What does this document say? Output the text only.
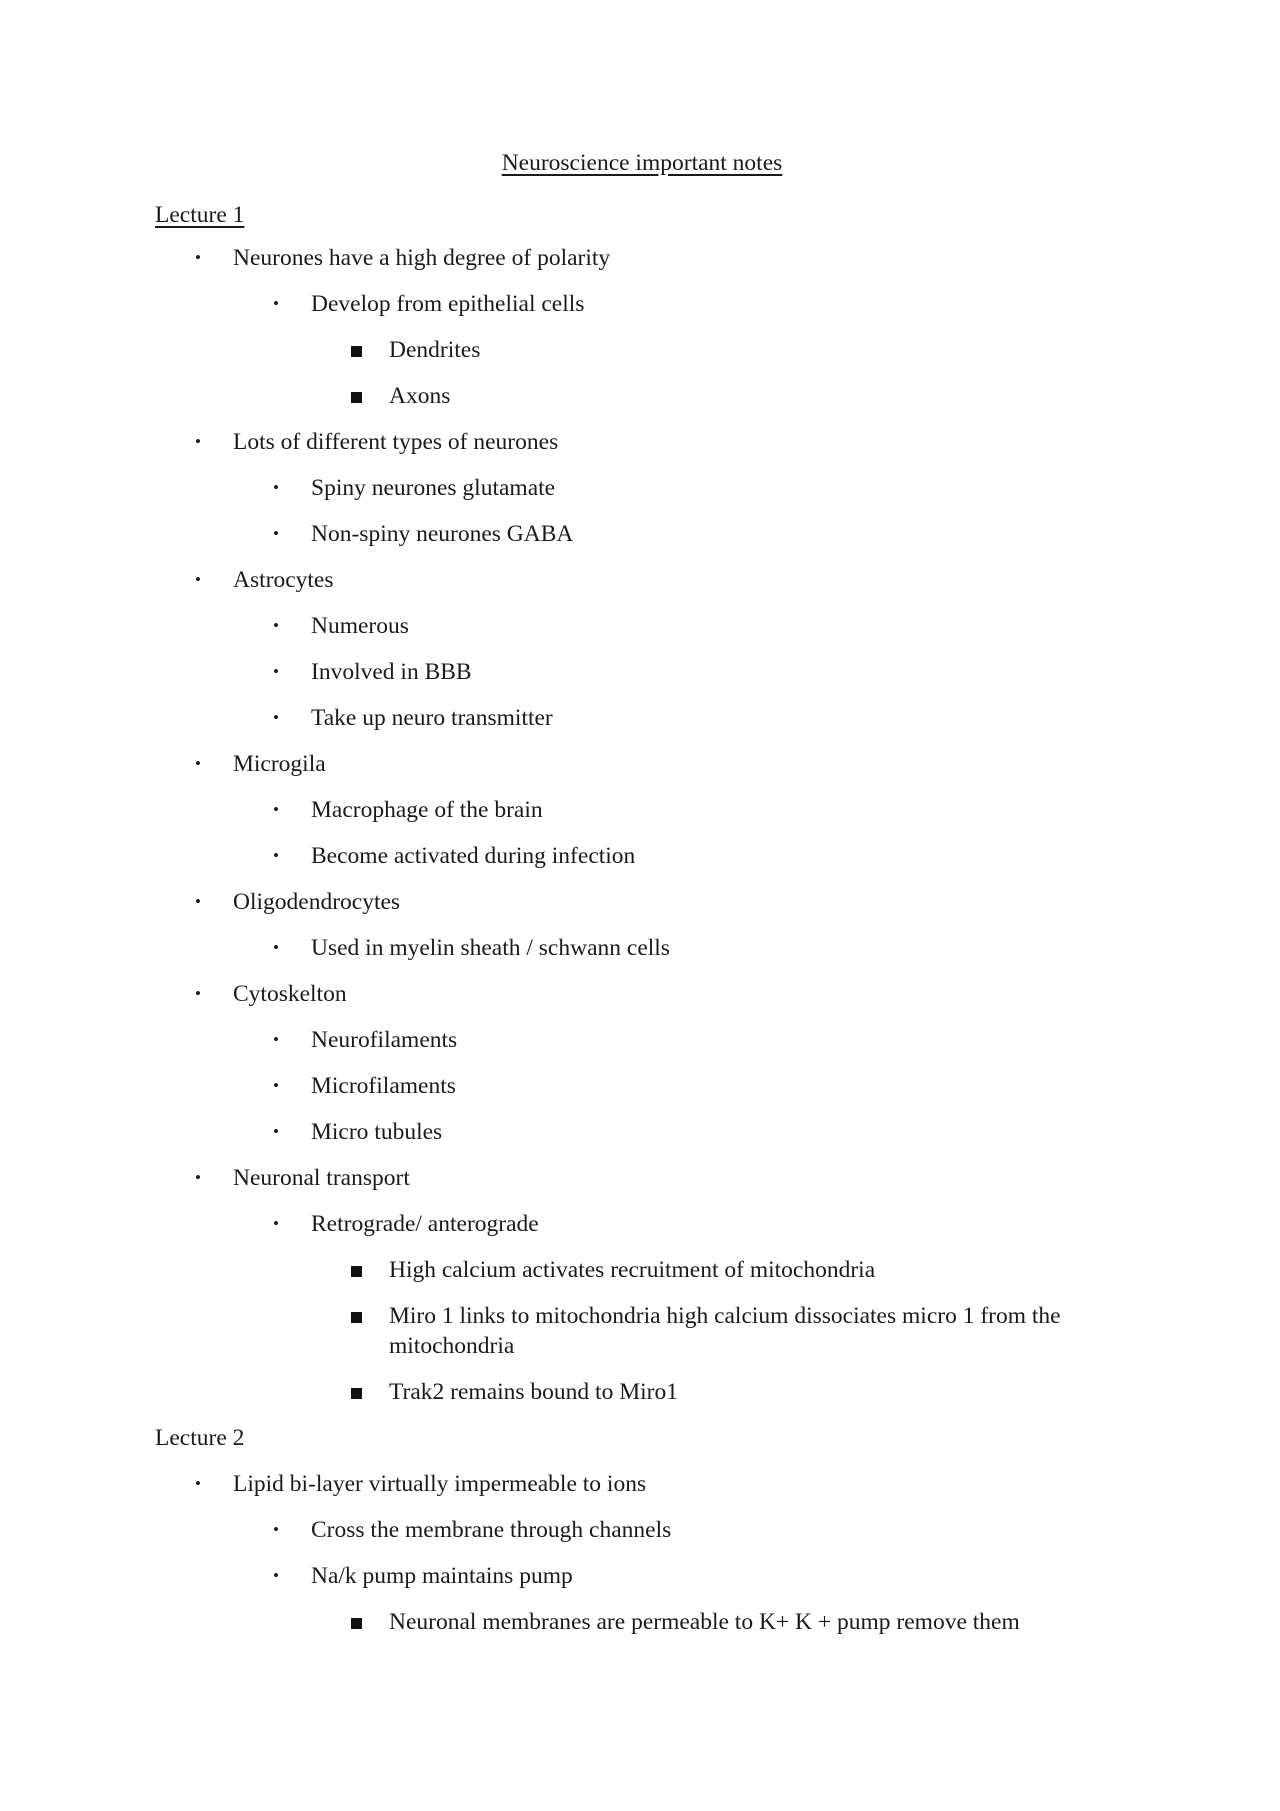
Neuroscience important notes
Lecture 1
• Neurones have a high degree of polarity
• Develop from epithelial cells
Dendrites
Axons
• Lots of different types of neurones
• Spiny neurones glutamate
• Non-spiny neurones GABA
• Astrocytes
• Numerous
• Involved in BBB
• Take up neuro transmitter
• Microgila
• Macrophage of the brain
• Become activated during infection
• Oligodendrocytes
• Used in myelin sheath / schwann cells
• Cytoskelton
• Neurofilaments
• Microfilaments
• Micro tubules
• Neuronal transport
• Retrograde/ anterograde
High calcium activates recruitment of mitochondria
Miro 1 links to mitochondria high calcium dissociates micro 1 from the mitochondria
Trak2 remains bound to Miro1
Lecture 2
• Lipid bi-layer virtually impermeable to ions
• Cross the membrane through channels
• Na/k pump maintains pump
Neuronal membranes are permeable to K+ K + pump remove them
